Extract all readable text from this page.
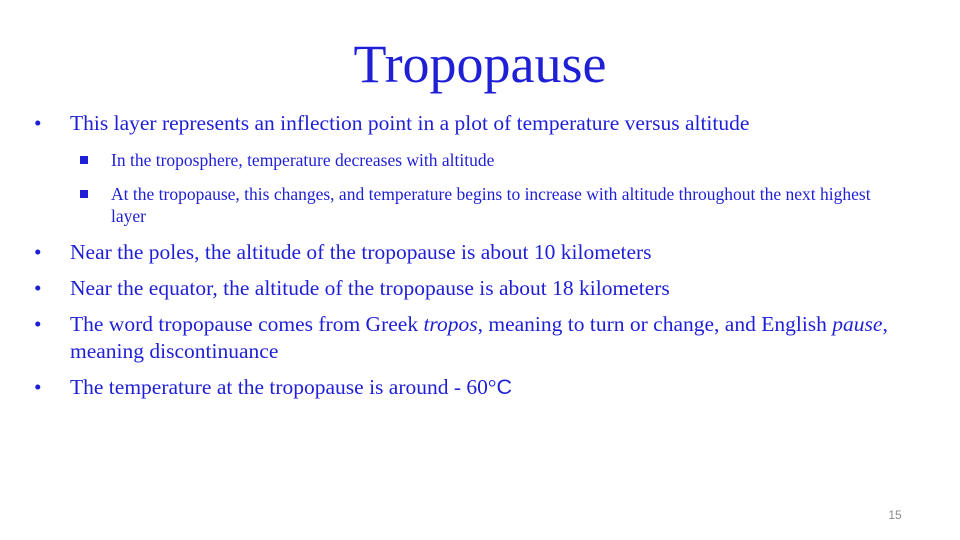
Tropopause
•	This layer represents an inflection point in a plot of temperature versus altitude
In the troposphere, temperature decreases with altitude
At the tropopause, this changes, and temperature begins to increase with altitude throughout the next highest layer
•	Near the poles, the altitude of the tropopause is about 10 kilometers
•	Near the equator, the altitude of the tropopause is about 18 kilometers
•	The word tropopause comes from Greek tropos, meaning to turn or change, and English pause, meaning discontinuance
•	The temperature at the tropopause is around - 60°C
15
